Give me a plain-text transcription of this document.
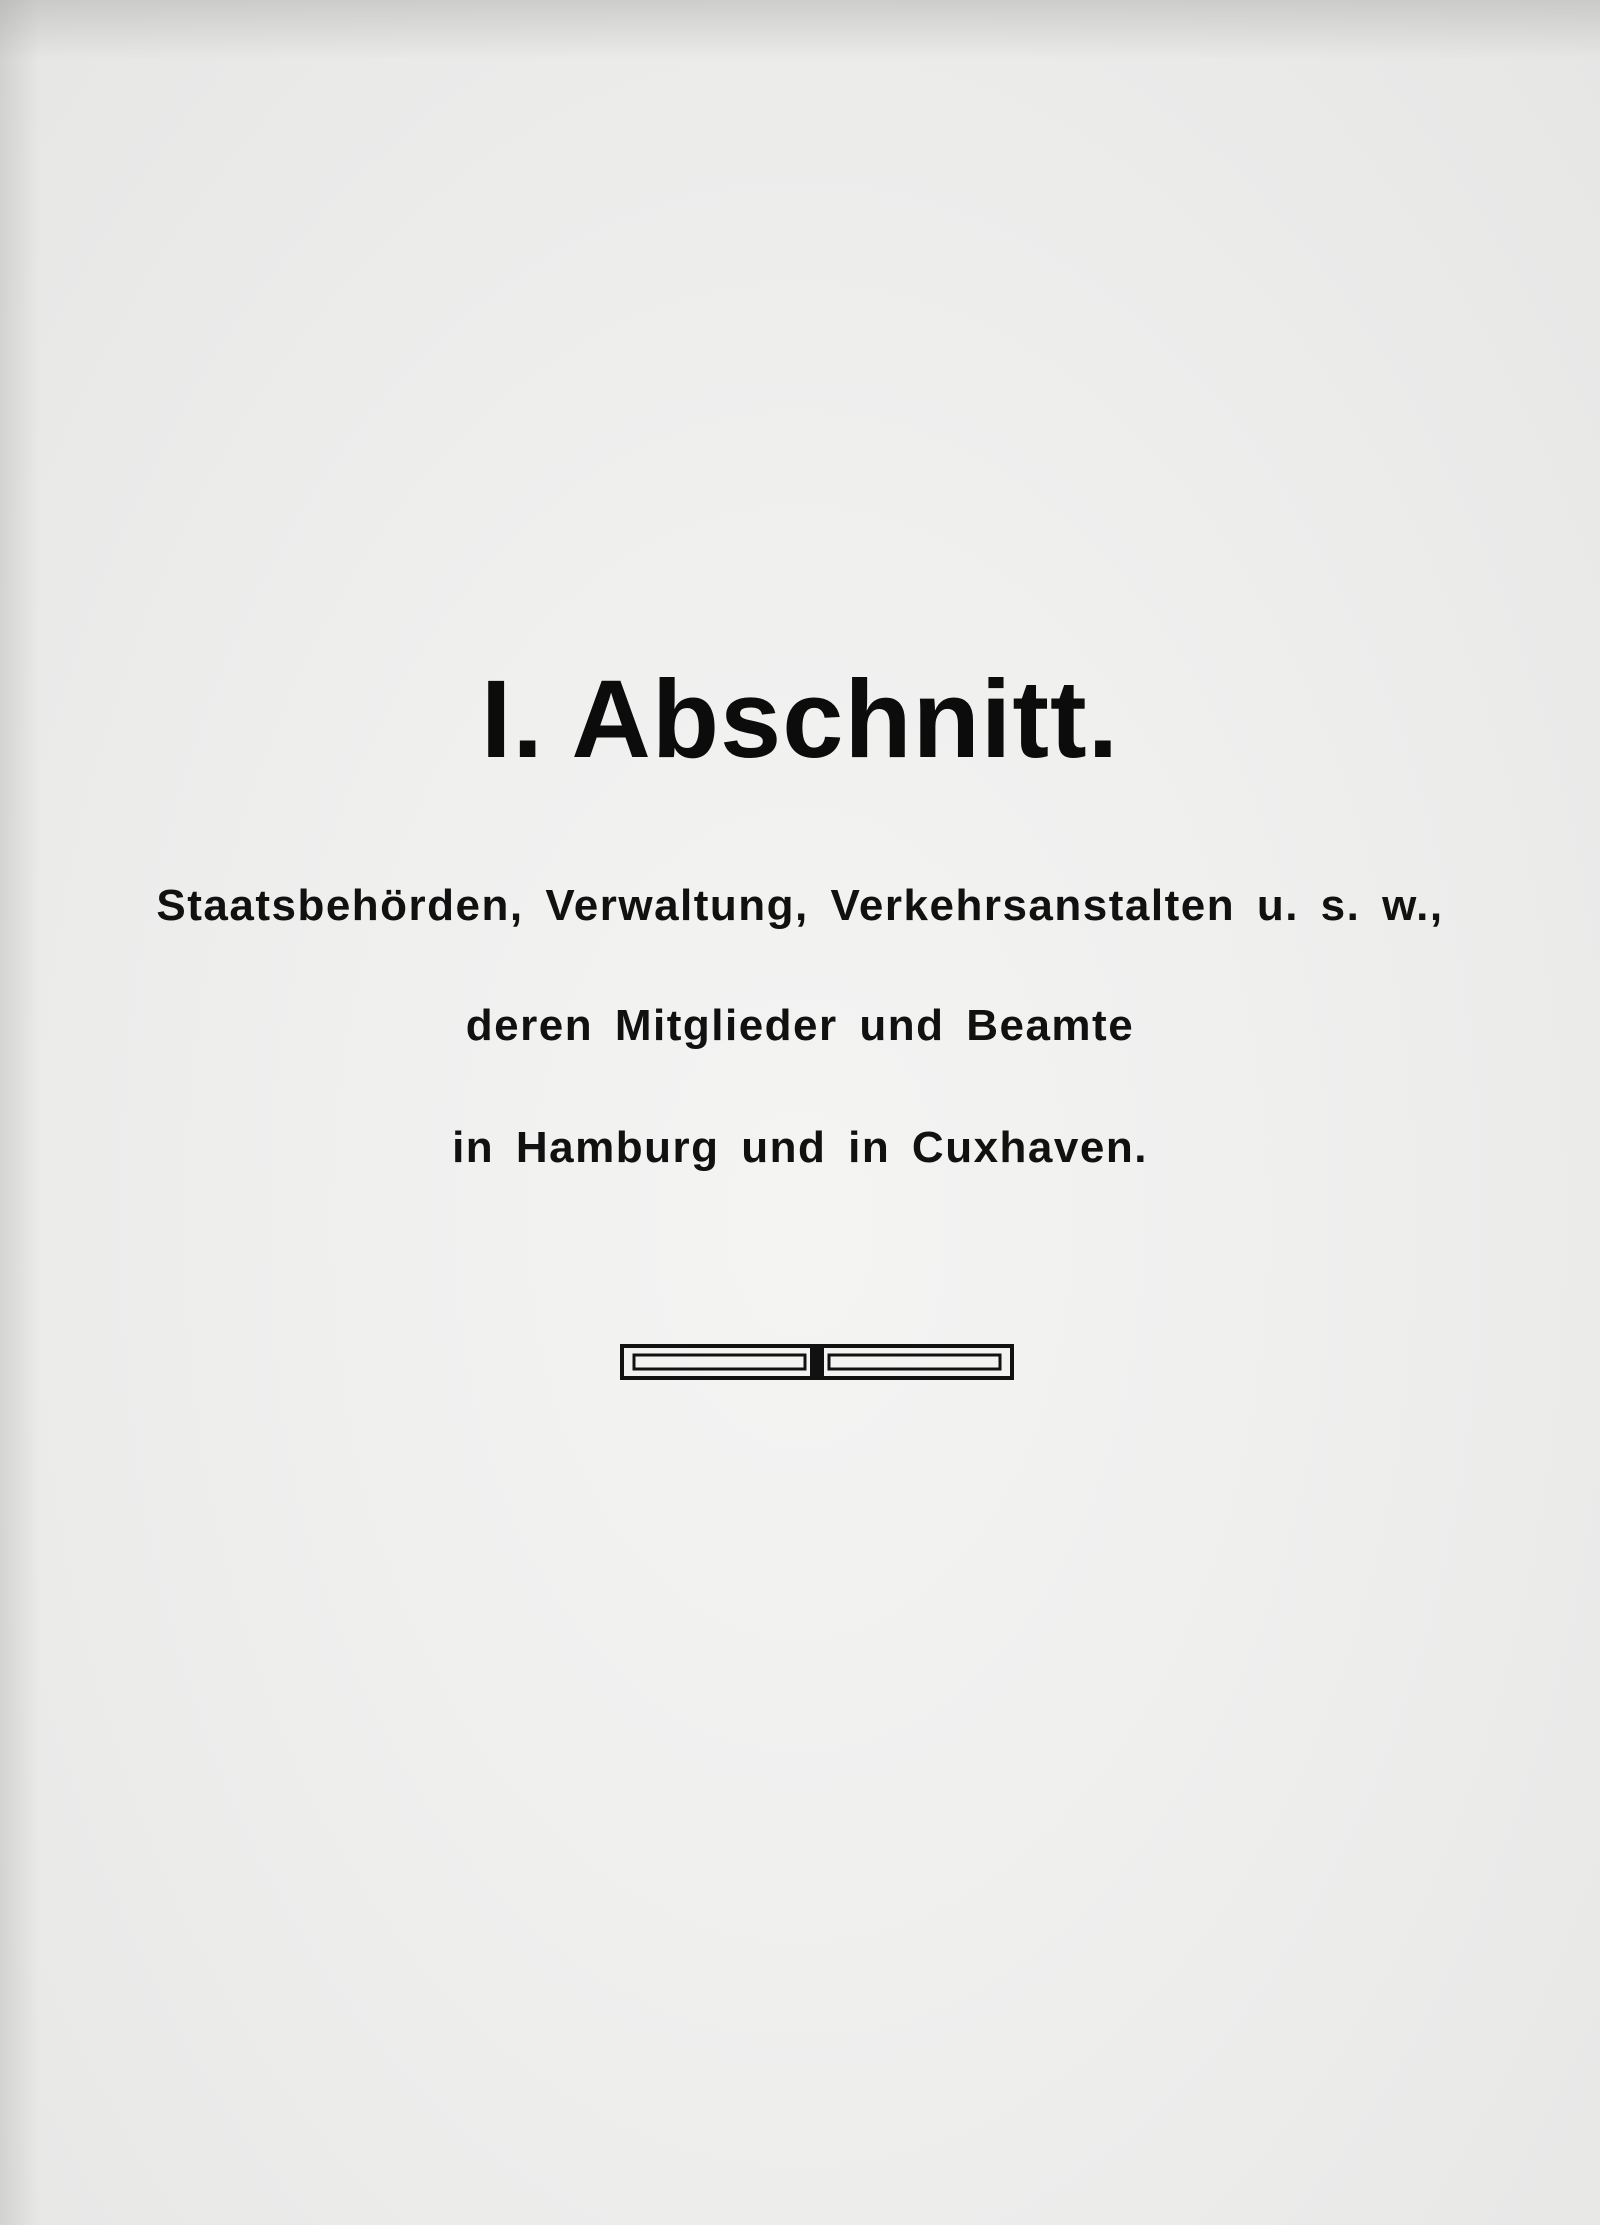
I. Abschnitt.
Staatsbehörden, Verwaltung, Verkehrsanstalten u. s. w.,
deren Mitglieder und Beamte
in Hamburg und in Cuxhaven.
